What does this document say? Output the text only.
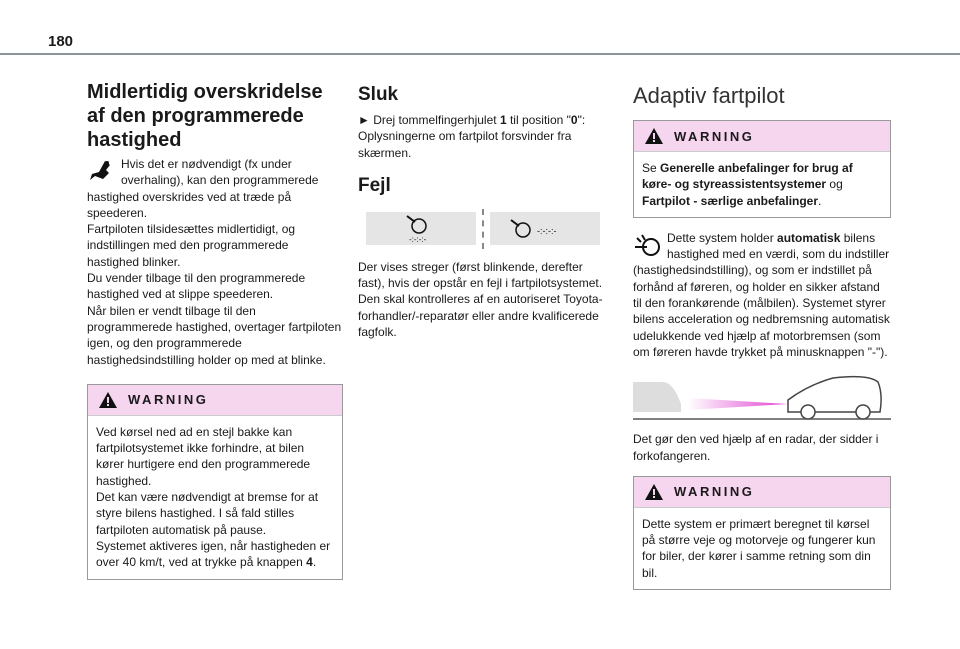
180
Midlertidig overskridelse af den programmerede hastighed

Hvis det er nødvendigt (fx under overhaling), kan den programmerede hastighed overskrides ved at træde på speederen.

Fartpiloten tilsidesættes midlertidigt, og indstillingen med den programmerede hastighed blinker.

Du vender tilbage til den programmerede hastighed ved at slippe speederen.

Når bilen er vendt tilbage til den programmerede hastighed, overtager fartpiloten igen, og den programmerede hastighedsindstilling holder op med at blinke.

WARNING
Ved kørsel ned ad en stejl bakke kan fartpilotsystemet ikke forhindre, at bilen kører hurtigere end den programmerede hastighed.
Det kan være nødvendigt at bremse for at styre bilens hastighed. I så fald stilles fartpiloten automatisk på pause.
Systemet aktiveres igen, når hastigheden er over 40 km/t, ved at trykke på knappen 4.
Sluk

► Drej tommelfingerhjulet 1 til position "0": Oplysningerne om fartpilot forsvinder fra skærmen.

Fejl
-:-:-:-
-:-:-:-

Der vises streger (først blinkende, derefter fast), hvis der opstår en fejl i fartpilotsystemet.

Den skal kontrolleres af en autoriseret Toyota-forhandler/-reparatør eller andre kvalificerede fagfolk.

Adaptiv fartpilot
WARNING
Se Generelle anbefalinger for brug af køre- og styreassistentsystemer og Fartpilot - særlige anbefalinger.

Dette system holder automatisk bilens hastighed med en værdi, som du indstiller (hastighedsindstilling), og som er indstillet på forhånd af føreren, og holder en sikker afstand til den forankørende (målbilen). Systemet styrer bilens acceleration og nedbremsning automatisk udelukkende ved hjælp af motorbremsen (som om føreren havde trykket på minusknappen "-").

Det gør den ved hjælp af en radar, der sidder i forkofangeren.

WARNING
Dette system er primært beregnet til kørsel på større veje og motorveje og fungerer kun for biler, der kører i samme retning som din bil.
